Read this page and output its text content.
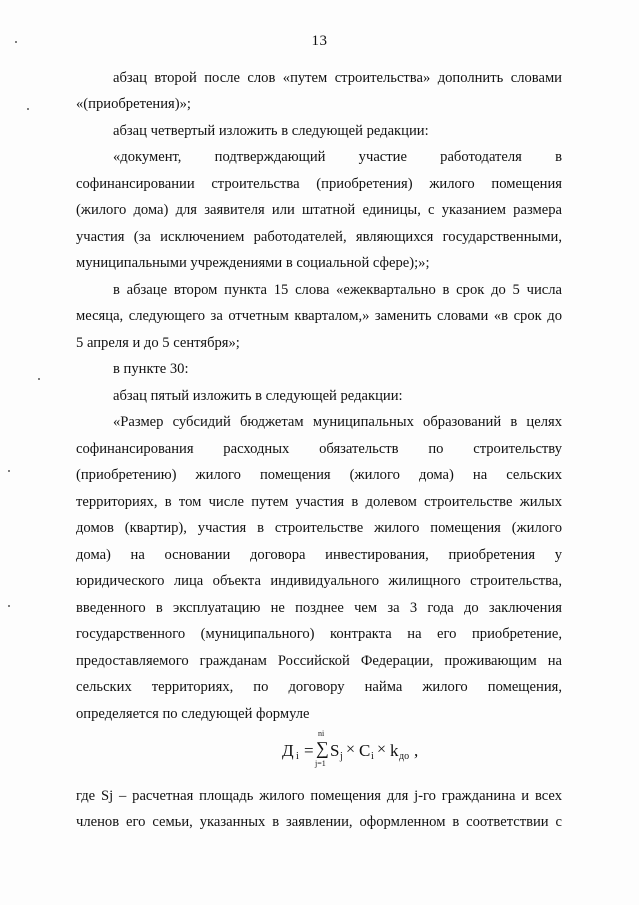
13
абзац второй после слов «путем строительства» дополнить словами
«(приобретения)»;
абзац четвертый изложить в следующей редакции:
«документ, подтверждающий участие работодателя в
софинансировании строительства (приобретения) жилого помещения
(жилого дома) для заявителя или штатной единицы, с указанием размера
участия (за исключением работодателей, являющихся государственными,
муниципальными учреждениями в социальной сфере);»;
в абзаце втором пункта 15 слова «ежеквартально в срок до 5 числа
месяца, следующего за отчетным кварталом,» заменить словами «в срок до
5 апреля и до 5 сентября»;
в пункте 30:
абзац пятый изложить в следующей редакции:
«Размер субсидий бюджетам муниципальных образований в целях
софинансирования расходных обязательств по строительству
(приобретению) жилого помещения (жилого дома) на сельских
территориях, в том числе путем участия в долевом строительстве жилых
домов (квартир), участия в строительстве жилого помещения (жилого
дома) на основании договора инвестирования, приобретения у
юридического лица объекта индивидуального жилищного строительства,
введенного в эксплуатацию не позднее чем за 3 года до заключения
государственного (муниципального) контракта на его приобретение,
предоставляемого гражданам Российской Федерации, проживающим на
сельских территориях, по договору найма жилого помещения,
определяется по следующей формуле
Д i =
ni
∑
j=1
S j × C i × k до ,
где Sj – расчетная площадь жилого помещения для j-го гражданина и всех
членов его семьи, указанных в заявлении, оформленном в соответствии с
